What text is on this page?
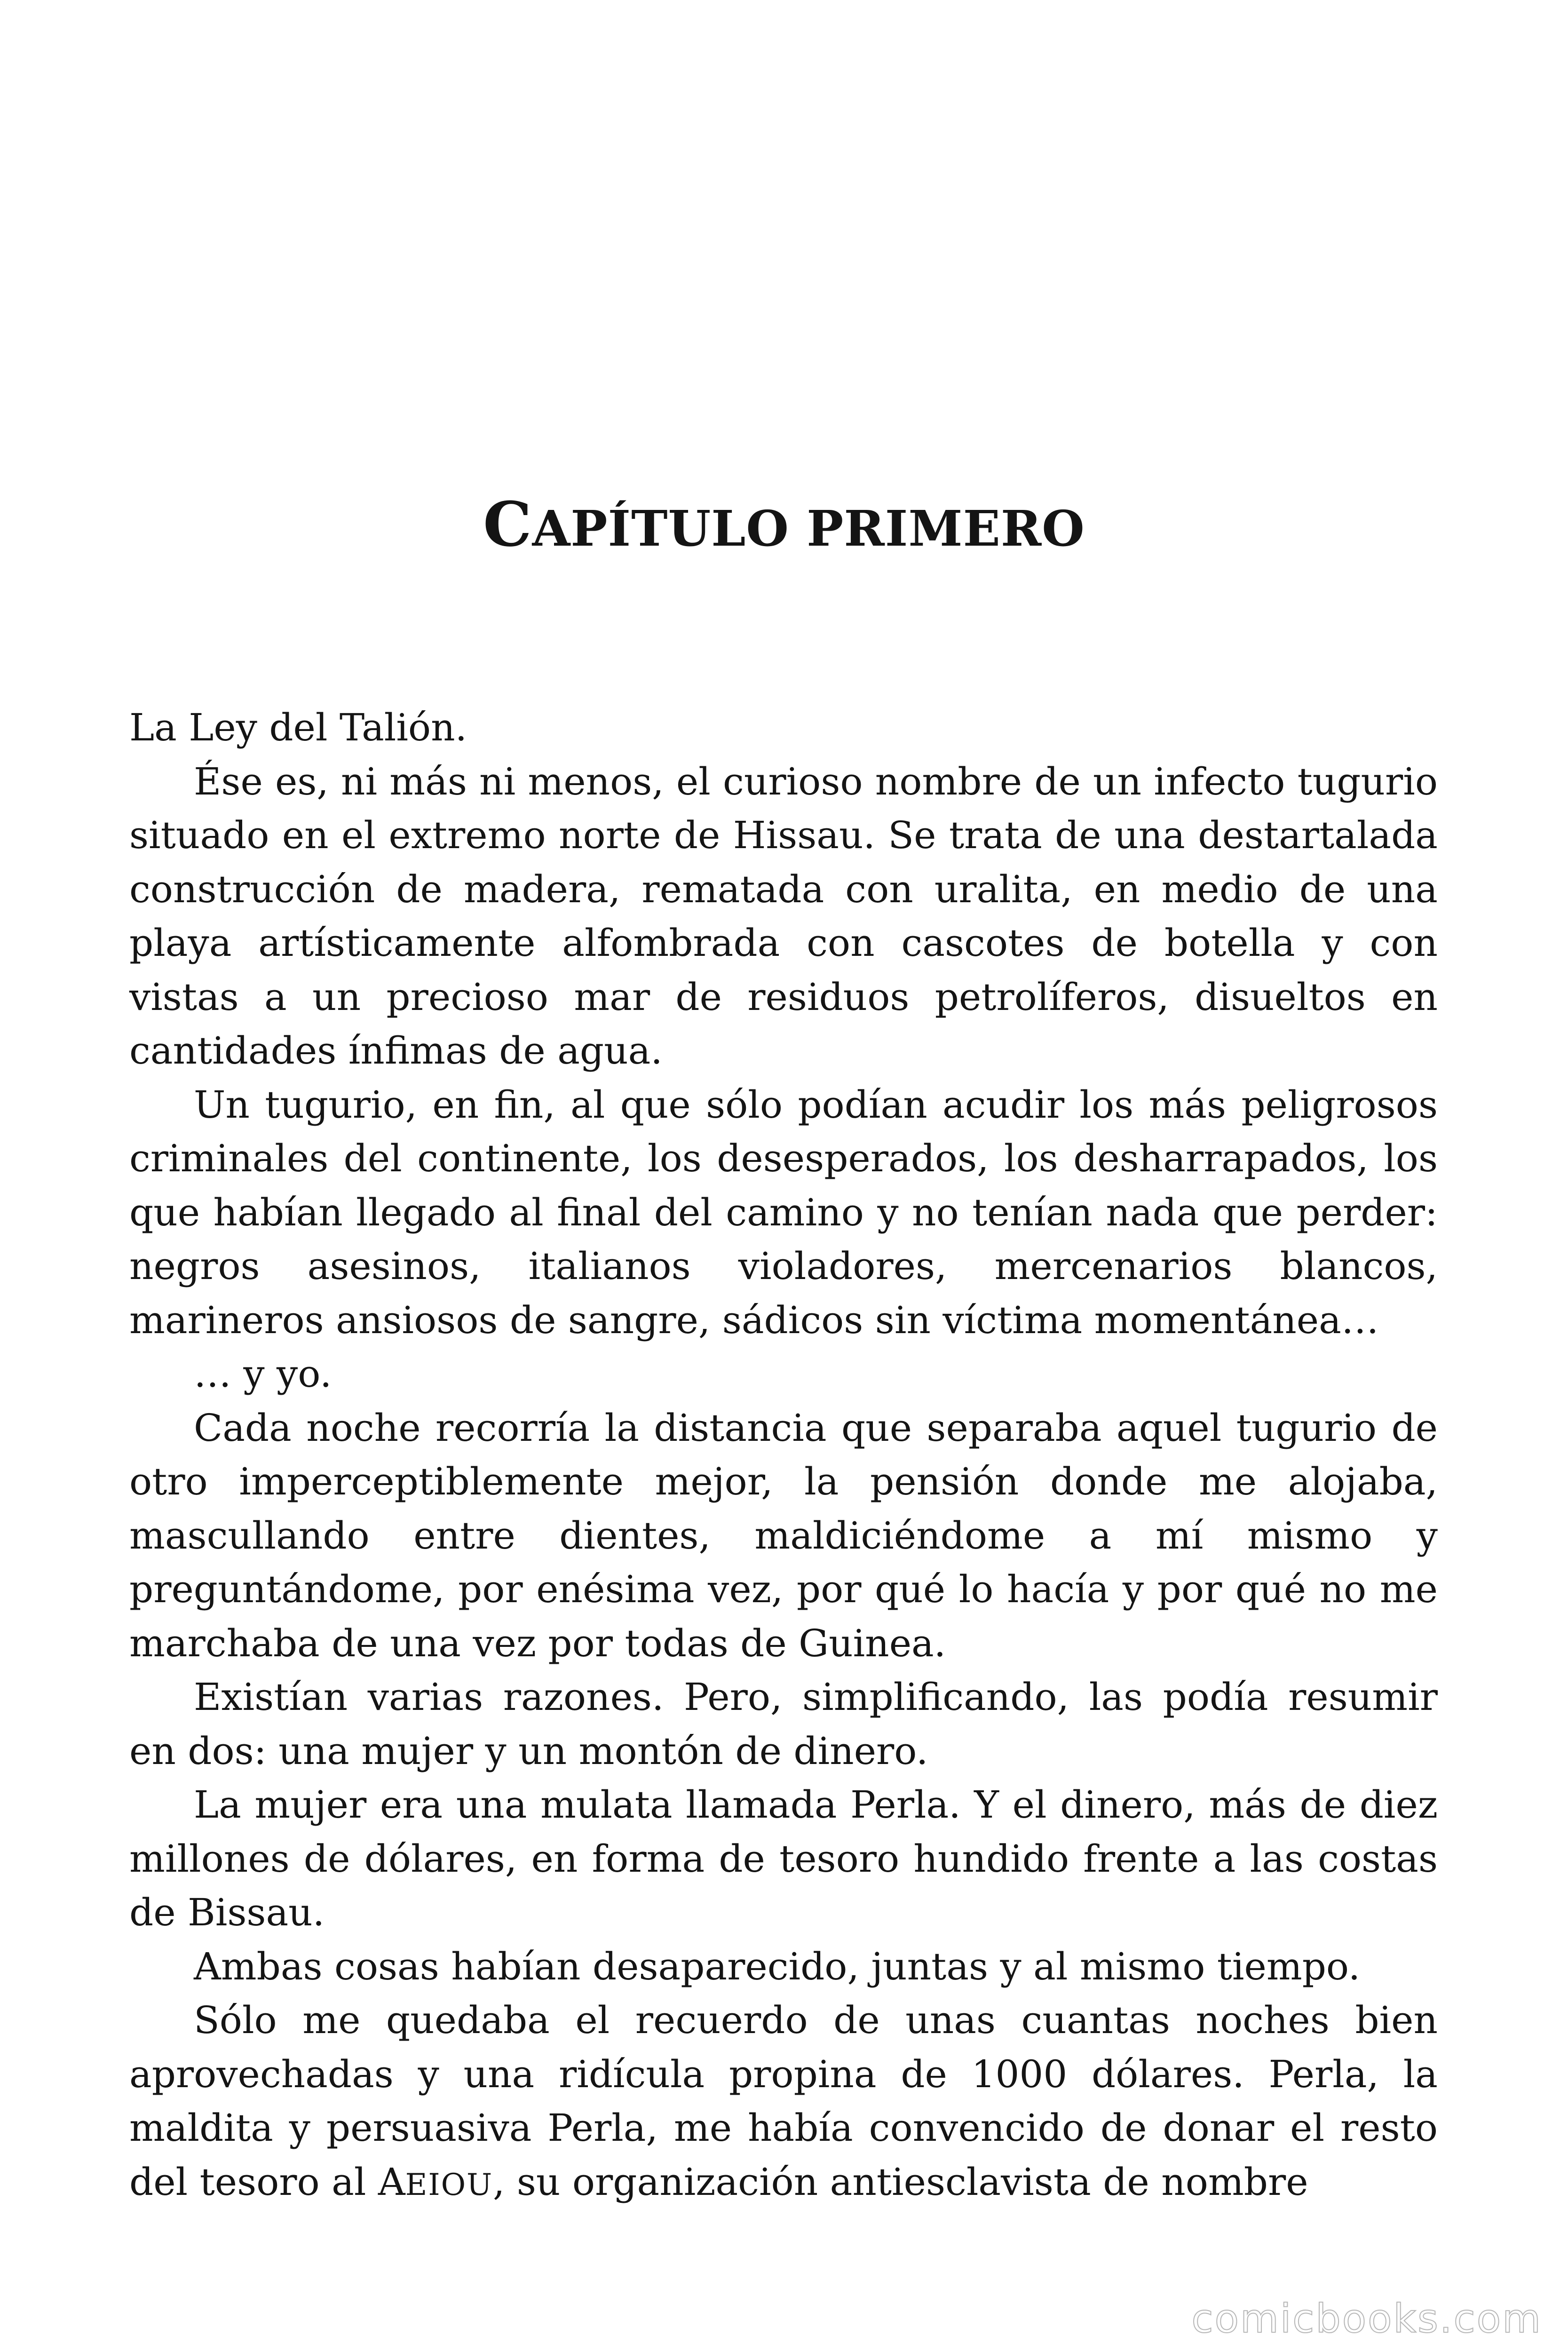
CAPÍTULO PRIMERO

La Ley del Talión.

Ése es, ni más ni menos, el curioso nombre de un infecto tugurio situado en el extremo norte de Hissau. Se trata de una destartalada construcción de madera, rematada con uralita, en medio de una playa artísticamente alfombrada con cascotes de botella y con vistas a un precioso mar de residuos petrolíferos, disueltos en cantidades ínfimas de agua.

Un tugurio, en fin, al que sólo podían acudir los más peligrosos criminales del continente, los desesperados, los desharrapados, los que habían llegado al final del camino y no tenían nada que perder: negros asesinos, italianos violadores, mercenarios blancos, marineros ansiosos de sangre, sádicos sin víctima momentánea…

… y yo.

Cada noche recorría la distancia que separaba aquel tugurio de otro imperceptiblemente mejor, la pensión donde me alojaba, mascullando entre dientes, maldiciéndome a mí mismo y preguntándome, por enésima vez, por qué lo hacía y por qué no me marchaba de una vez por todas de Guinea.

Existían varias razones. Pero, simplificando, las podía resumir en dos: una mujer y un montón de dinero.

La mujer era una mulata llamada Perla. Y el dinero, más de diez millones de dólares, en forma de tesoro hundido frente a las costas de Bissau.

Ambas cosas habían desaparecido, juntas y al mismo tiempo.

Sólo me quedaba el recuerdo de unas cuantas noches bien aprovechadas y una ridícula propina de 1000 dólares. Perla, la maldita y persuasiva Perla, me había convencido de donar el resto del tesoro al AEIOU, su organización antiesclavista de nombre

comicbooks.com
